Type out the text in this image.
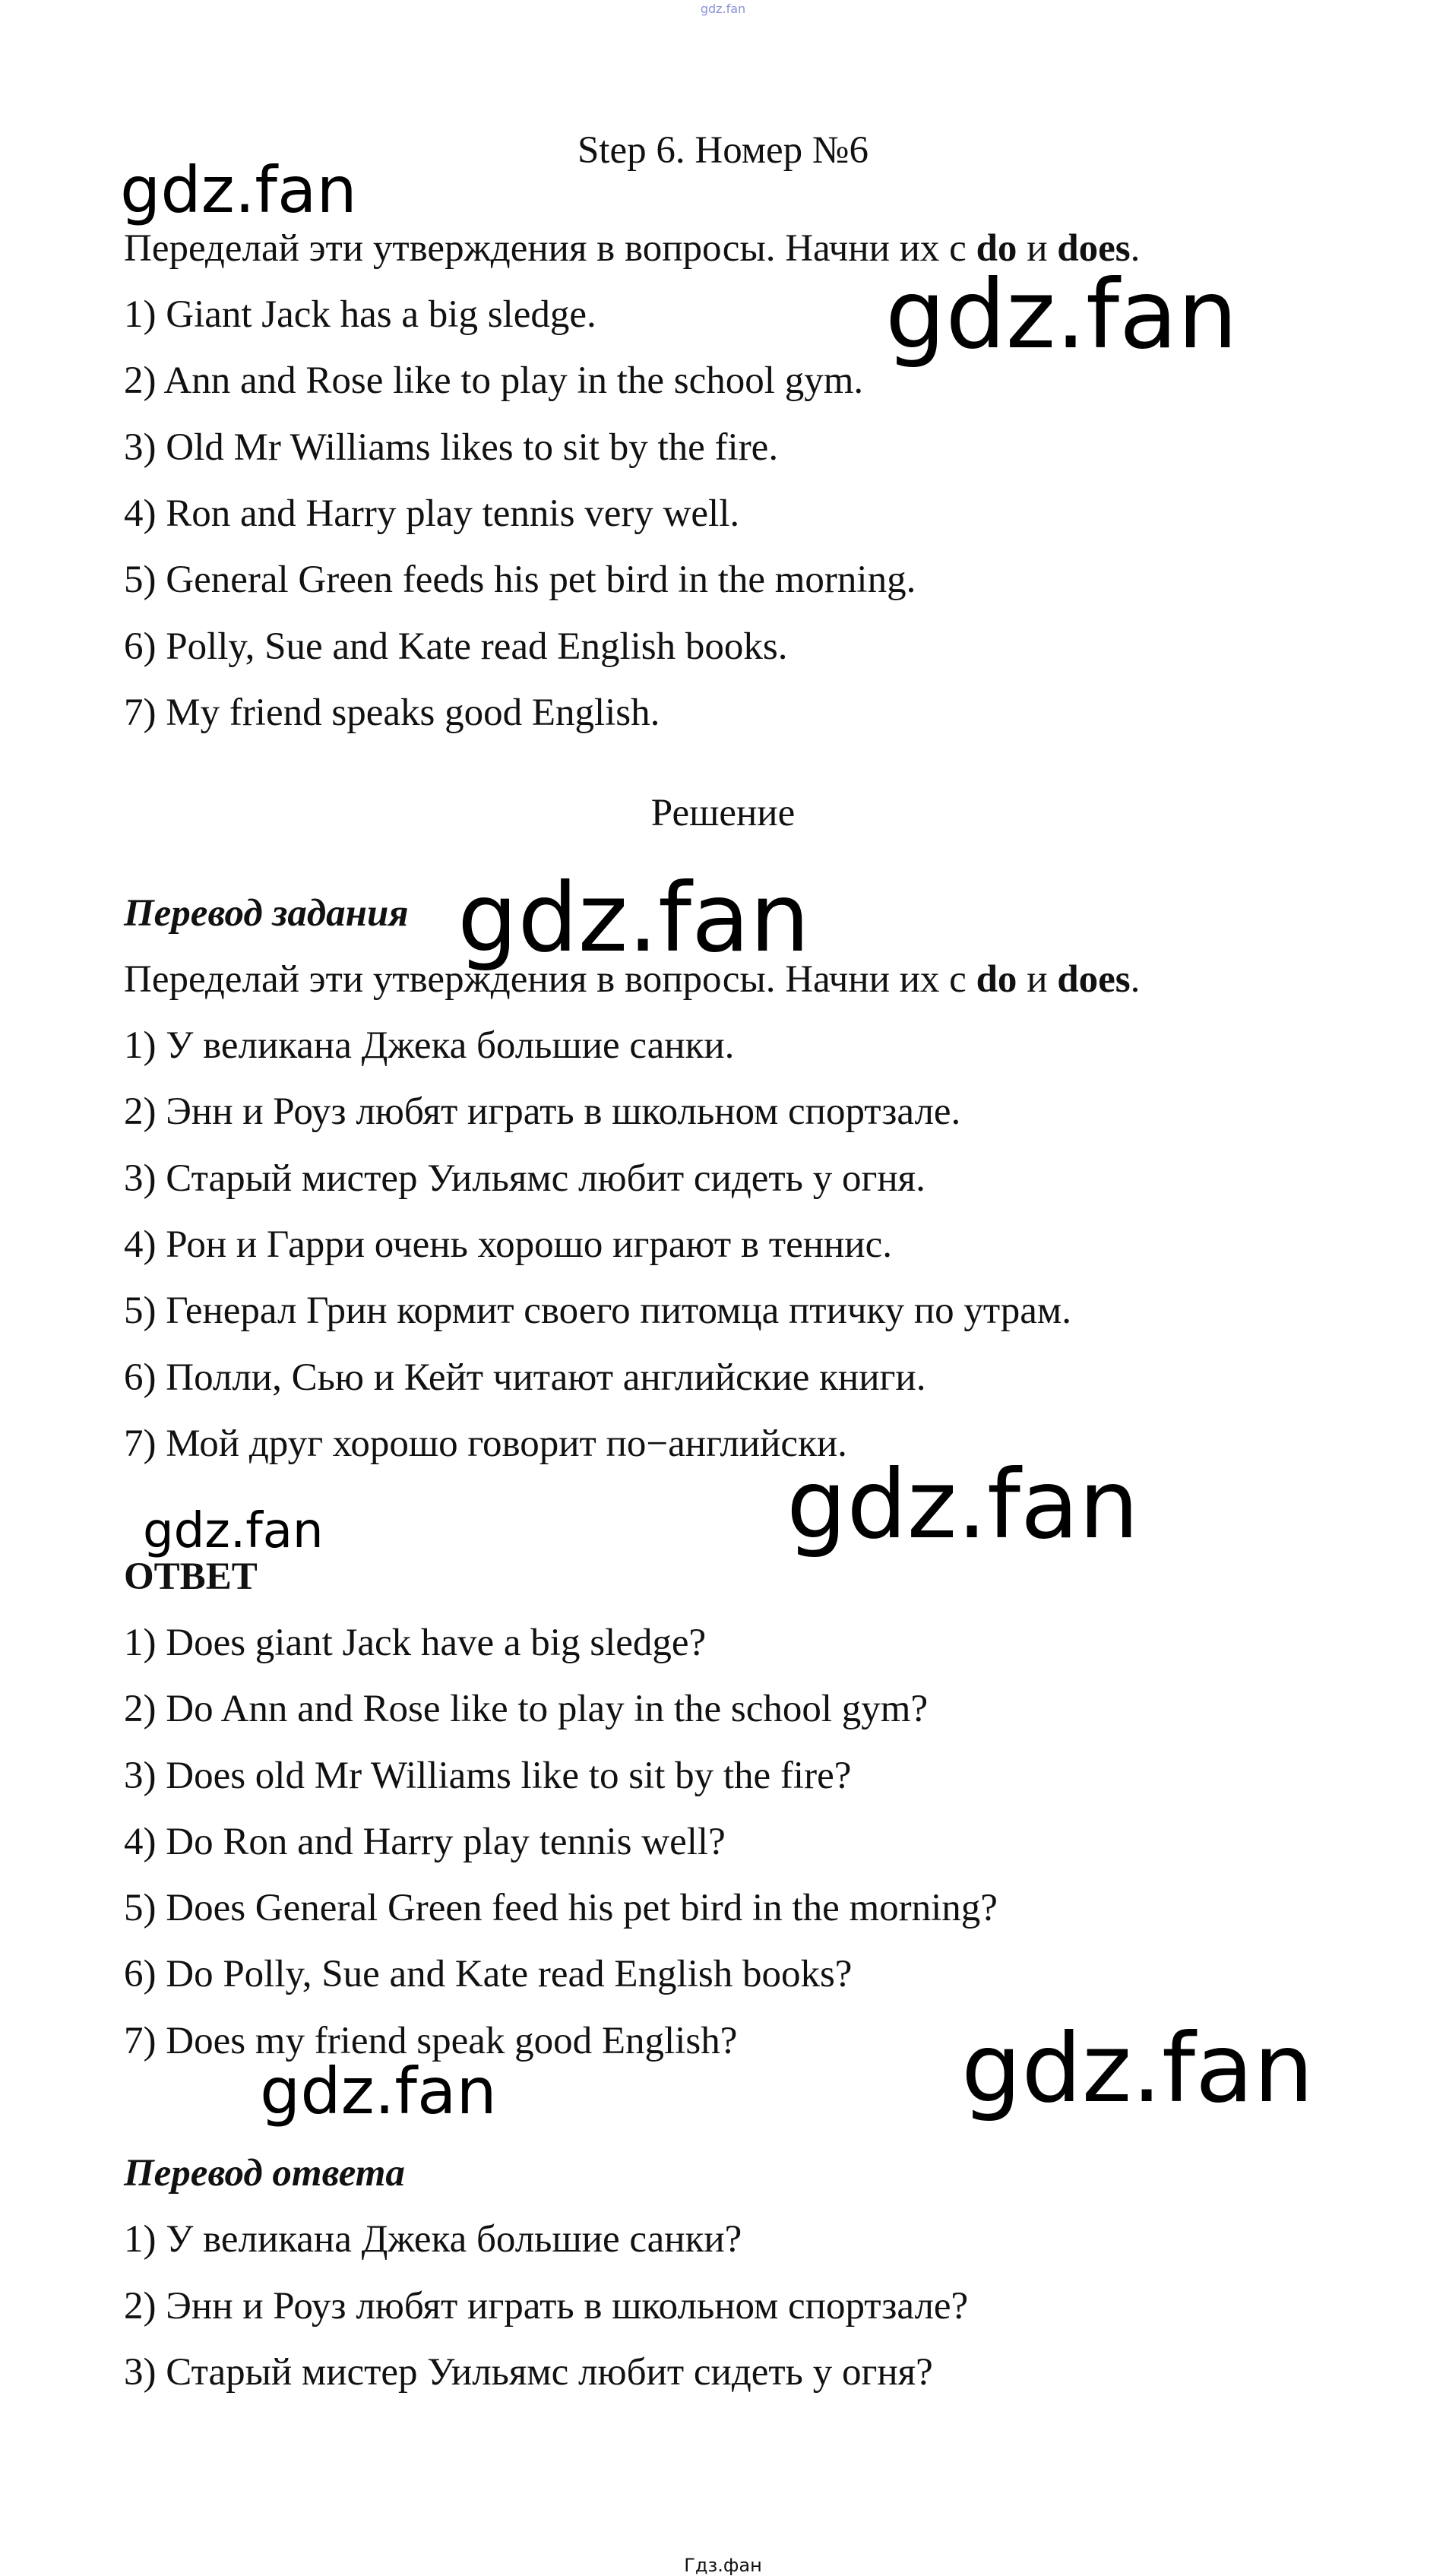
gdz.fan

Step 6. Номер №6

Переделай эти утверждения в вопросы. Начни их с do и does.

1) Giant Jack has a big sledge.

2) Ann and Rose like to play in the school gym.

3) Old Mr Williams likes to sit by the fire.

4) Ron and Harry play tennis very well.

5) General Green feeds his pet bird in the morning.

6) Polly, Sue and Kate read English books.

7) My friend speaks good English.

Решение

Перевод задания

Переделай эти утверждения в вопросы. Начни их с do и does.

1) У великана Джека большие санки.

2) Энн и Роуз любят играть в школьном спортзале.

3) Старый мистер Уильямс любит сидеть у огня.

4) Рон и Гарри очень хорошо играют в теннис.

5) Генерал Грин кормит своего питомца птичку по утрам.

6) Полли, Сью и Кейт читают английские книги.

7) Мой друг хорошо говорит по−английски.

ОТВЕТ

1) Does giant Jack have a big sledge?

2) Do Ann and Rose like to play in the school gym?

3) Does old Mr Williams like to sit by the fire?

4) Do Ron and Harry play tennis well?

5) Does General Green feed his pet bird in the morning?

6) Do Polly, Sue and Kate read English books?

7) Does my friend speak good English?

Перевод ответа

1) У великана Джека большие санки?

2) Энн и Роуз любят играть в школьном спортзале?

3) Старый мистер Уильямс любит сидеть у огня?

gdz.fan
gdz.fan
gdz.fan
gdz.fan	gdz.fan
gdz.fan
gdz.fan
Гдз.фан
